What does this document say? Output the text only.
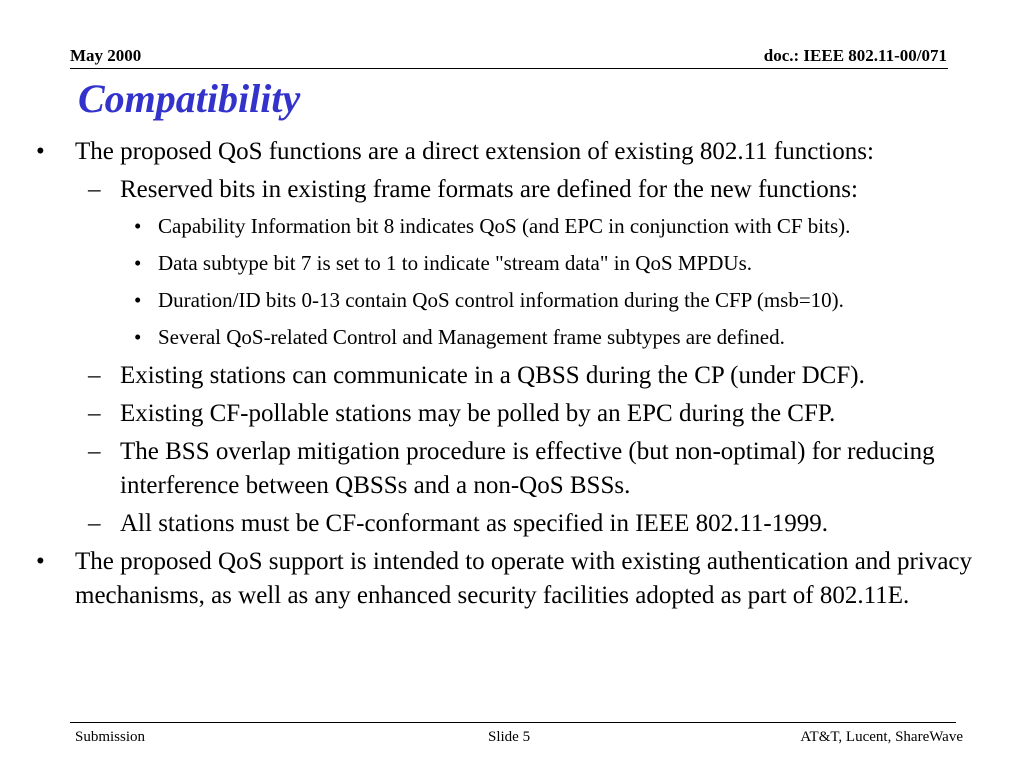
May 2000	doc.: IEEE 802.11-00/071
Compatibility
• The proposed QoS functions are a direct extension of existing 802.11 functions:
– Reserved bits in existing frame formats are defined for the new functions:
• Capability Information bit 8 indicates QoS (and EPC in conjunction with CF bits).
• Data subtype bit 7 is set to 1 to indicate "stream data" in QoS MPDUs.
• Duration/ID bits 0-13 contain QoS control information during the CFP (msb=10).
• Several QoS-related Control and Management frame subtypes are defined.
– Existing stations can communicate in a QBSS during the CP (under DCF).
– Existing CF-pollable stations may be polled by an EPC during the CFP.
– The BSS overlap mitigation procedure is effective (but non-optimal) for reducing interference between QBSSs and a non-QoS BSSs.
– All stations must be CF-conformant as specified in IEEE 802.11-1999.
• The proposed QoS support is intended to operate with existing authentication and privacy mechanisms, as well as any enhanced security facilities adopted as part of 802.11E.
Submission	Slide 5	AT&T, Lucent, ShareWave
